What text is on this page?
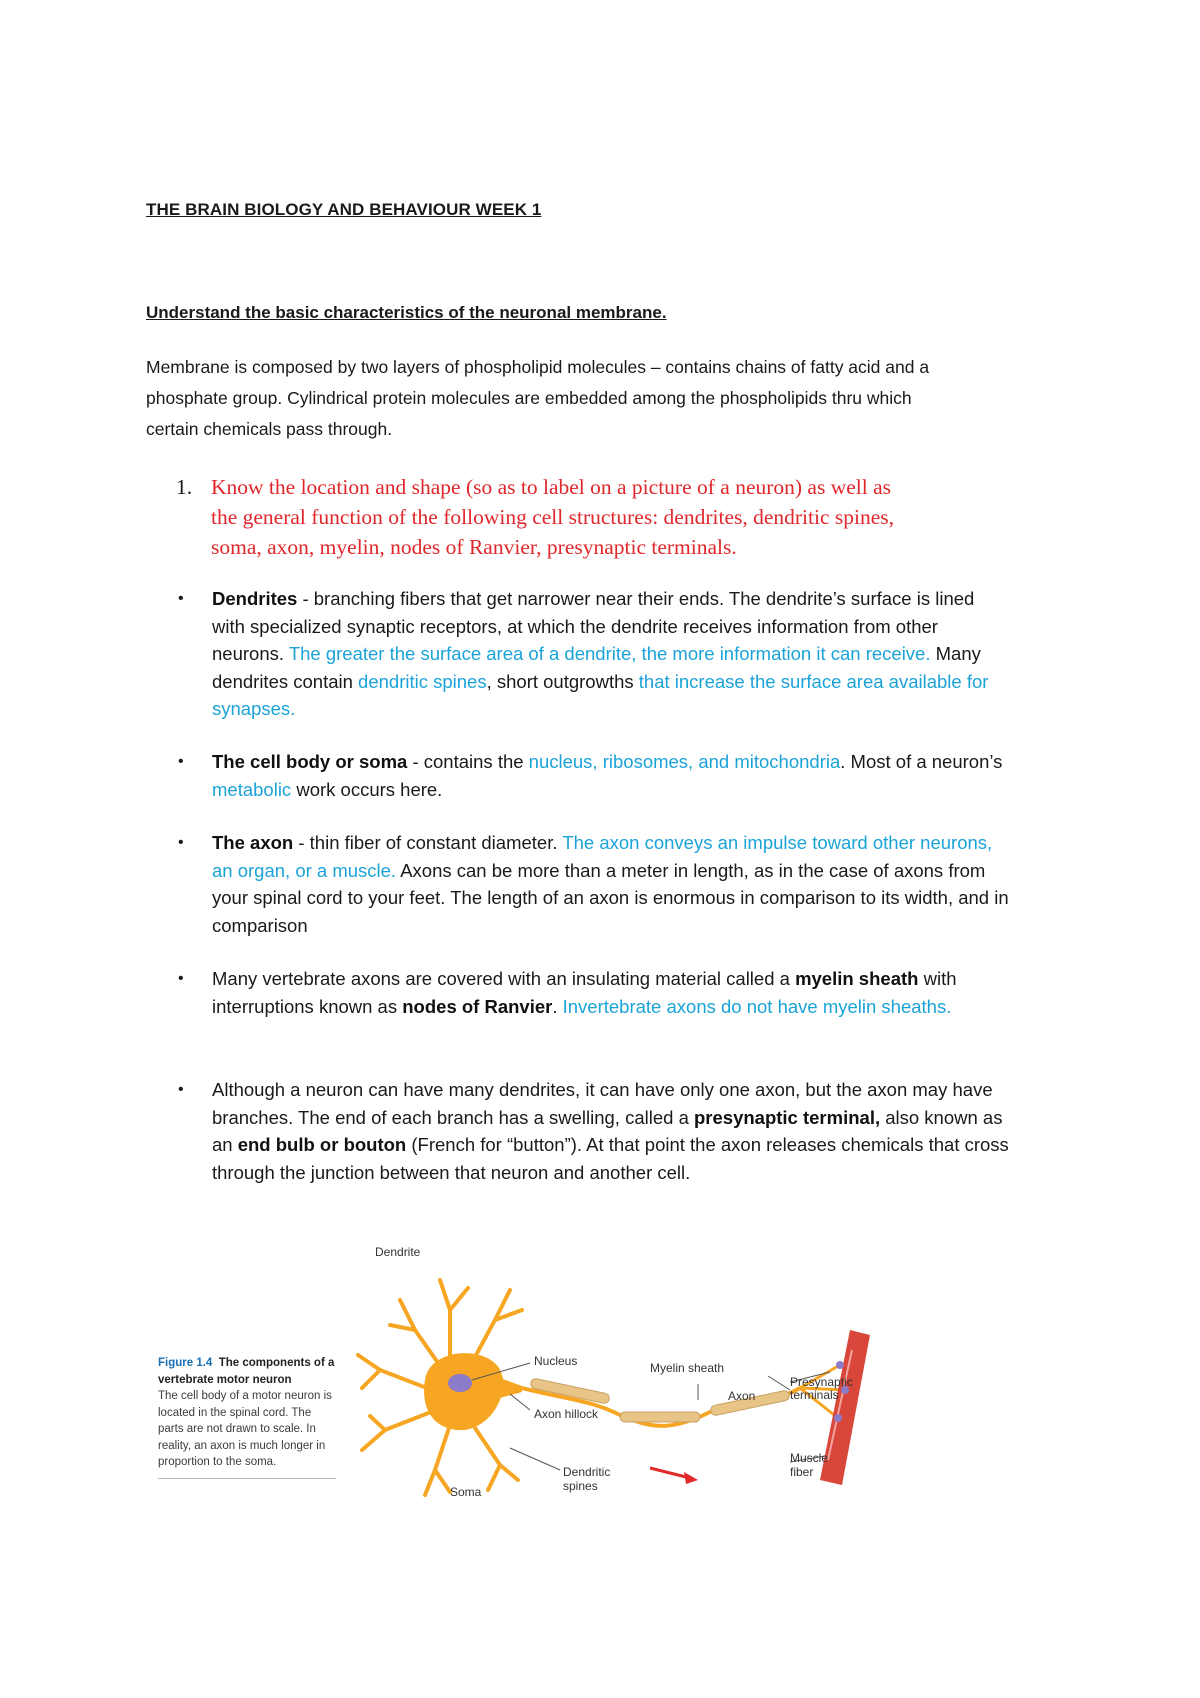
THE BRAIN BIOLOGY AND BEHAVIOUR WEEK 1
Understand the basic characteristics of the neuronal membrane.
Membrane is composed by two layers of phospholipid molecules – contains chains of fatty acid and a
phosphate group. Cylindrical protein molecules are embedded among the phospholipids thru which
certain chemicals pass through.
1. Know the location and shape (so as to label on a picture of a neuron) as well as
the general function of the following cell structures: dendrites, dendritic spines,
soma, axon, myelin, nodes of Ranvier, presynaptic terminals.
• Dendrites - branching fibers that get narrower near their ends. The dendrite’s surface is lined with specialized synaptic receptors, at which the dendrite receives information from other neurons. The greater the surface area of a dendrite, the more information it can receive. Many dendrites contain dendritic spines, short outgrowths that increase the surface area available for synapses.
• The cell body or soma - contains the nucleus, ribosomes, and mitochondria. Most of a neuron’s metabolic work occurs here.
• The axon - thin fiber of constant diameter. The axon conveys an impulse toward other neurons, an organ, or a muscle. Axons can be more than a meter in length, as in the case of axons from your spinal cord to your feet. The length of an axon is enormous in comparison to its width, and in comparison
• Many vertebrate axons are covered with an insulating material called a myelin sheath with interruptions known as nodes of Ranvier. Invertebrate axons do not have myelin sheaths.
• Although a neuron can have many dendrites, it can have only one axon, but the axon may have branches. The end of each branch has a swelling, called a presynaptic terminal, also known as an end bulb or bouton (French for “button”). At that point the axon releases chemicals that cross through the junction between that neuron and another cell.
Figure 1.4 The components of a vertebrate motor neuron
The cell body of a motor neuron is located in the spinal cord. The parts are not drawn to scale. In reality, an axon is much longer in proportion to the soma.
Dendrite
Nucleus
Axon hillock
Myelin sheath
Axon
Presynaptic
terminals
Soma
Dendritic
spines
Muscle
fiber
